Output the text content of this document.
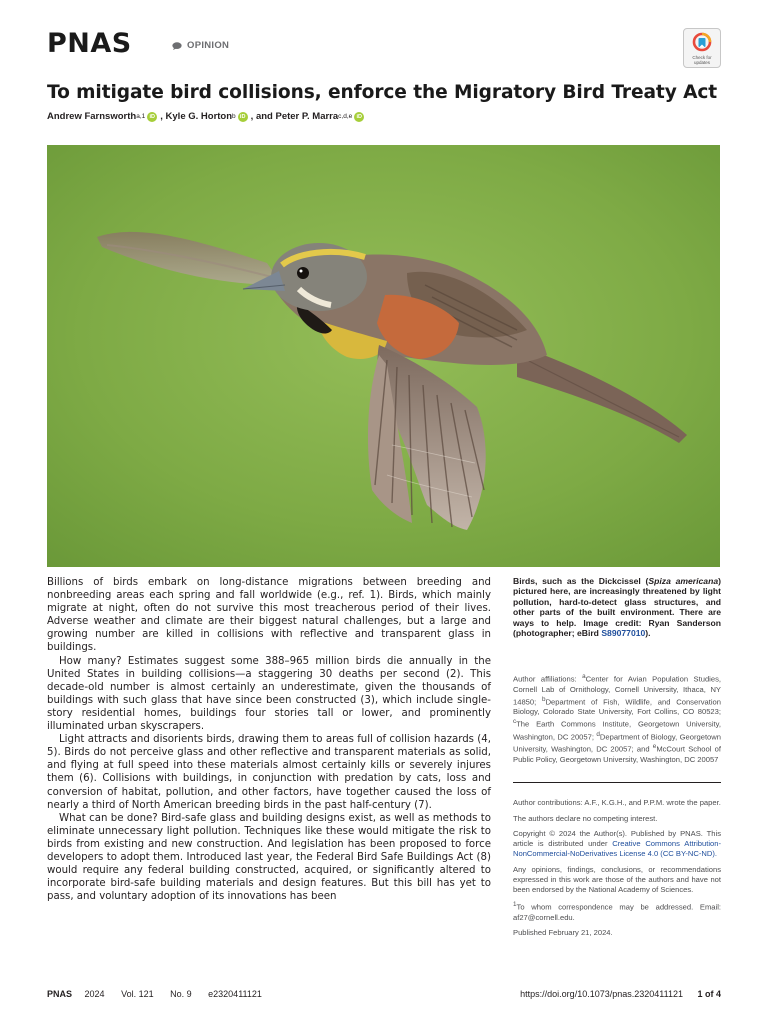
PNAS	OPINION
Check for
updates
To mitigate bird collisions, enforce the Migratory Bird Treaty Act
Andrew Farnsworth a,1 iD ,
Kyle G. Horton b iD , and
Peter P. Marra c,d,e iD

Billions of birds embark on long-distance migrations between breeding and nonbreeding areas each spring and fall worldwide (e.g., ref. 1). Birds, which mainly migrate at night, often do not survive this most treacherous period of their lives. Adverse weather and climate are their biggest natural challenges, but a large and growing number are killed in collisions with reflective and transparent glass in buildings.

How many? Estimates suggest some 388–965 million birds die annually in the United States in building collisions—a staggering 30 deaths per second (2). This decade-old number is almost certainly an underestimate, given the thousands of buildings with such glass that have since been constructed (3), which include single-story residential homes, buildings four stories tall or lower, and prominently illuminated urban skyscrapers.

Light attracts and disorients birds, drawing them to areas full of collision hazards (4, 5). Birds do not perceive glass and other reflective and transparent materials as solid, and flying at full speed into these materials almost certainly kills or severely injures them (6). Collisions with buildings, in conjunction with predation by cats, loss and conversion of habitat, pollution, and other factors, have together caused the loss of nearly a third of North American breeding birds in the past half-century (7).

What can be done? Bird-safe glass and building designs exist, as well as methods to eliminate unnecessary light pollution. Techniques like these would mitigate the risk to birds from existing and new construction. And legislation has been proposed to force developers to adopt them. Introduced last year, the Federal Bird Safe Buildings Act (8) would require any federal building constructed, acquired, or significantly altered to incorporate bird-safe building materials and design features. But this bill has yet to pass, and voluntary adoption of its innovations has been

Birds, such as the Dickcissel (Spiza americana) pictured here, are increasingly threatened by light pollution, hard-to-detect glass structures, and other parts of the built environment. There are ways to help. Image credit: Ryan Sanderson (photographer; eBird S89077010).
Author affiliations: $^a$Center for Avian Population Studies, Cornell Lab of Ornithology, Cornell University, Ithaca, NY 14850; $^b$Department of Fish, Wildlife, and Conservation Biology, Colorado State University, Fort Collins, CO 80523; $^c$The Earth Commons Institute, Georgetown University, Washington, DC 20057; $^d$Department of Biology, Georgetown University, Washington, DC 20057; and $^e$McCourt School of Public Policy, Georgetown University, Washington, DC 20057

Author contributions: A.F., K.G.H., and P.P.M. wrote the paper.

The authors declare no competing interest.

Copyright © 2024 the Author(s). Published by PNAS. This article is distributed under Creative Commons Attribution-NonCommercial-NoDerivatives License 4.0 (CC BY-NC-ND).

Any opinions, findings, conclusions, or recommendations expressed in this work are those of the authors and have not been endorsed by the National Academy of Sciences.

$^1$To whom correspondence may be addressed. Email: af27@cornell.edu.

Published February 21, 2024.

PNAS 2024 Vol. 121 No. 9 e2320411121	https://doi.org/10.1073/pnas.2320411121 1 of 4
